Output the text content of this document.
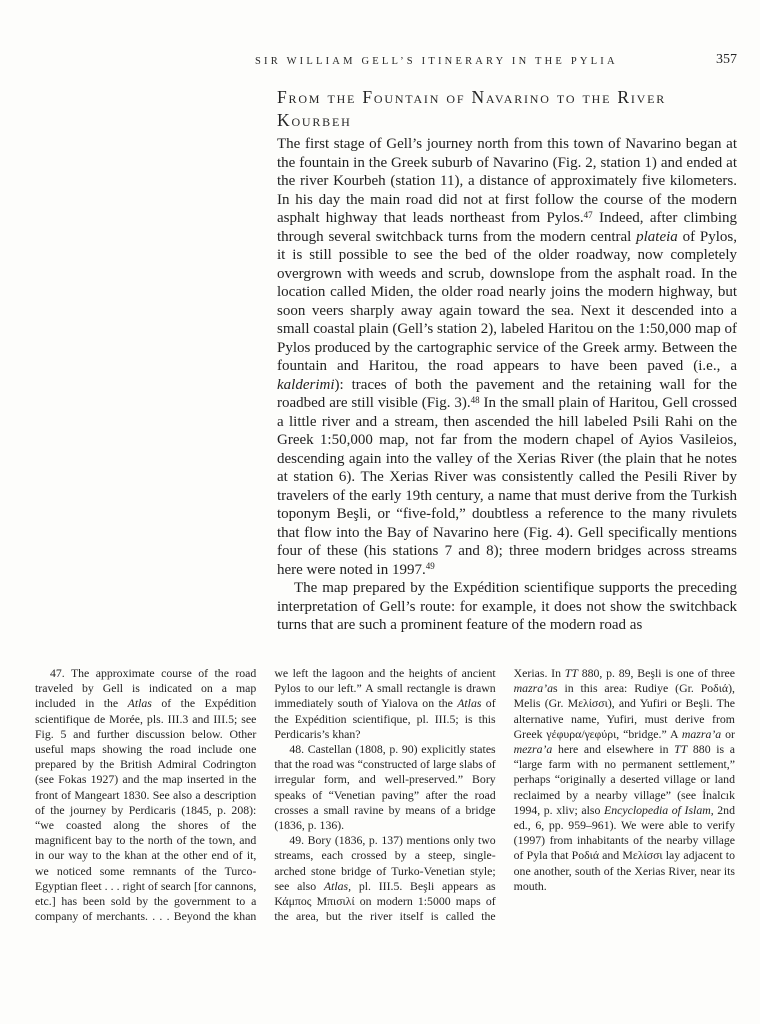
SIR WILLIAM GELL’S ITINERARY IN THE PYLIA	357
From the Fountain of Navarino to the River Kourbeh

The first stage of Gell’s journey north from this town of Navarino began at the fountain in the Greek suburb of Navarino (Fig. 2, station 1) and ended at the river Kourbeh (station 11), a distance of approximately five kilometers. In his day the main road did not at first follow the course of the modern asphalt highway that leads northeast from Pylos.$^{47}$ Indeed, after climbing through several switchback turns from the modern central plateia of Pylos, it is still possible to see the bed of the older roadway, now completely overgrown with weeds and scrub, downslope from the asphalt road. In the location called Miden, the older road nearly joins the modern highway, but soon veers sharply away again toward the sea. Next it descended into a small coastal plain (Gell’s station 2), labeled Haritou on the 1:50,000 map of Pylos produced by the cartographic service of the Greek army. Between the fountain and Haritou, the road appears to have been paved (i.e., a kalderimi): traces of both the pavement and the retaining wall for the roadbed are still visible (Fig. 3).$^{48}$ In the small plain of Haritou, Gell crossed a little river and a stream, then ascended the hill labeled Psili Rahi on the Greek 1:50,000 map, not far from the modern chapel of Ayios Vasileios, descending again into the valley of the Xerias River (the plain that he notes at station 6). The Xerias River was consistently called the Pesili River by travelers of the early 19th century, a name that must derive from the Turkish toponym Beşli, or “five-fold,” doubtless a reference to the many rivulets that flow into the Bay of Navarino here (Fig. 4). Gell specifically mentions four of these (his stations 7 and 8); three modern bridges across streams here were noted in 1997.49

The map prepared by the Expédition scientifique supports the preceding interpretation of Gell’s route: for example, it does not show the switchback turns that are such a prominent feature of the modern road as

47. The approximate course of the road traveled by Gell is indicated on a map included in the Atlas of the Expédition scientifique de Morée, pls. III.3 and III.5; see Fig. 5 and further discussion below. Other useful maps showing the road include one prepared by the British Admiral Codrington (see Fokas 1927) and the map inserted in the front of Mangeart 1830. See also a description of the journey by Perdicaris (1845, p. 208): “we coasted along the shores of the magnificent bay to the north of the town, and in our way to the khan at the other end of it, we noticed some remnants of the Turco-Egyptian fleet . . . right of search [for cannons, etc.] has been sold by the government to a company of merchants. . . . Beyond the khan we left the lagoon and the heights of ancient Pylos to our left.” A small rectangle is drawn immediately south of Yialova on the Atlas of the Expédition scientifique, pl. III.5; is this Perdicaris’s khan?

48. Castellan (1808, p. 90) explicitly states that the road was “constructed of large slabs of irregular form, and well-preserved.” Bory speaks of “Venetian paving” after the road crosses a small ravine by means of a bridge (1836, p. 136).

49. Bory (1836, p. 137) mentions only two streams, each crossed by a steep, single-arched stone bridge of Turko-Venetian style; see also Atlas, pl. III.5. Beşli appears as Κάμπος Μπισιλί on modern 1:5000 maps of the area, but the river itself is called the Xerias. In TT 880, p. 89, Beşli is one of three mazra’as in this area: Rudiye (Gr. Ροδιά), Melis (Gr. Μελίσσι), and Yufiri or Beşli. The alternative name, Yufiri, must derive from Greek γέφυρα/γεφύρι, “bridge.” A mazra’a or mezra’a here and elsewhere in TT 880 is a “large farm with no permanent settlement,” perhaps “originally a deserted village or land reclaimed by a nearby village” (see İnalcık 1994, p. xliv; also Encyclopedia of Islam, 2nd ed., 6, pp. 959–961). We were able to verify (1997) from inhabitants of the nearby village of Pyla that Ροδιά and Μελίσσι lay adjacent to one another, south of the Xerias River, near its mouth.
